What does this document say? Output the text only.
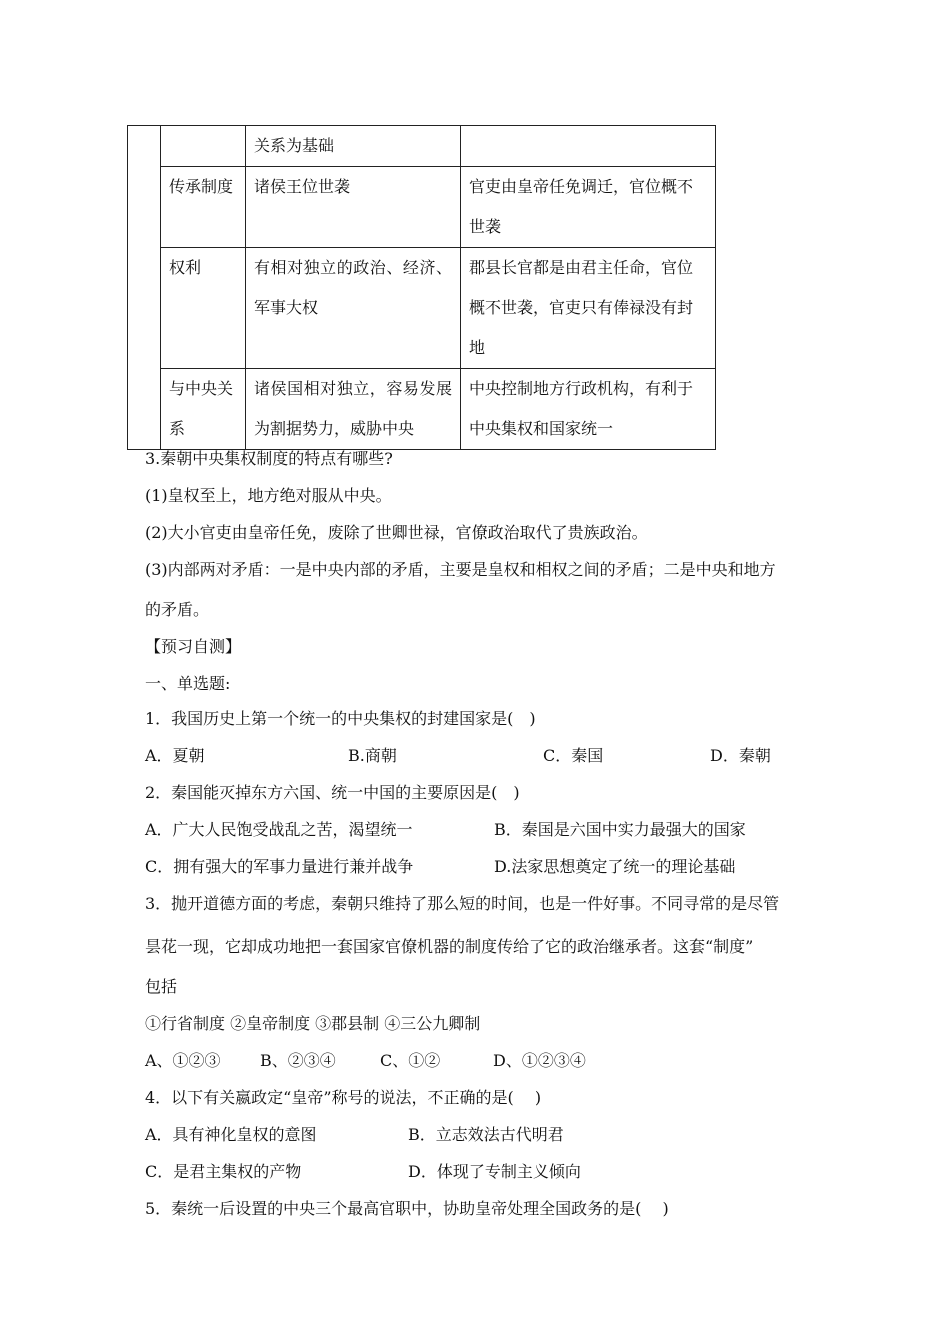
		关系为基础	
	传承制度	诸侯王位世袭	官吏由皇帝任免调迁，官位概不世袭
	权利	有相对独立的政治、经济、军事大权	郡县长官都是由君主任命，官位概不世袭，官吏只有俸禄没有封地
	与中央关系	诸侯国相对独立，容易发展为割据势力，威胁中央	中央控制地方行政机构，有利于中央集权和国家统一
3.秦朝中央集权制度的特点有哪些?
(1)皇权至上，地方绝对服从中央。
(2)大小官吏由皇帝任免，废除了世卿世禄，官僚政治取代了贵族政治。
(3)内部两对矛盾：一是中央内部的矛盾，主要是皇权和相权之间的矛盾；二是中央和地方
的矛盾。
【预习自测】
一、单选题:
1．我国历史上第一个统一的中央集权的封建国家是(　)
A．夏朝	B.商朝	C．秦国	D．秦朝
2．秦国能灭掉东方六国、统一中国的主要原因是(　)
A．广大人民饱受战乱之苦，渴望统一	B．秦国是六国中实力最强大的国家
C．拥有强大的军事力量进行兼并战争	D.法家思想奠定了统一的理论基础
3．抛开道德方面的考虑，秦朝只维持了那么短的时间，也是一件好事。不同寻常的是尽管
昙花一现，它却成功地把一套国家官僚机器的制度传给了它的政治继承者。这套“制度”
包括
①行省制度 ②皇帝制度 ③郡县制 ④三公九卿制
A、①②③ B、②③④	C、①②	D、①②③④
4．以下有关嬴政定“皇帝”称号的说法，不正确的是(　 )
A．具有神化皇权的意图	B．立志效法古代明君
C．是君主集权的产物	D．体现了专制主义倾向
5．秦统一后设置的中央三个最高官职中，协助皇帝处理全国政务的是(　 )
